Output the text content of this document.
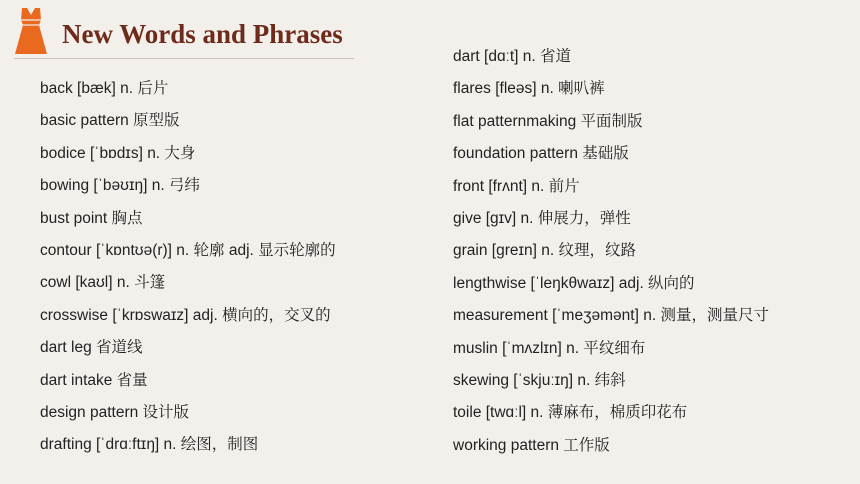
New Words and Phrases
back [bæk] n. 后片
basic pattern 原型版
bodice [ˈbɒdɪs] n. 大身
bowing [ˈbəʊɪŋ] n. 弓纬
bust point 胸点
contour [ˈkɒntʊə(r)] n. 轮廓 adj. 显示轮廓的
cowl [kaʊl] n. 斗篷
crosswise [ˈkrɒswaɪz] adj. 横向的，交叉的
dart leg 省道线
dart intake 省量
design pattern 设计版
drafting [ˈdrɑːftɪŋ] n. 绘图，制图
dart [dɑːt] n. 省道
flares [fleəs] n. 喇叭裤
flat patternmaking 平面制版
foundation pattern 基础版
front [frʌnt] n. 前片
give [ɡɪv] n. 伸展力，弹性
grain [ɡreɪn] n. 纹理，纹路
lengthwise [ˈleŋkθwaɪz] adj. 纵向的
measurement [ˈmeʒəmənt] n. 测量，测量尺寸
muslin [ˈmʌzlɪn] n. 平纹细布
skewing [ˈskjuːɪŋ] n. 纬斜
toile [twɑːl] n. 薄麻布，棉质印花布
working pattern 工作版
